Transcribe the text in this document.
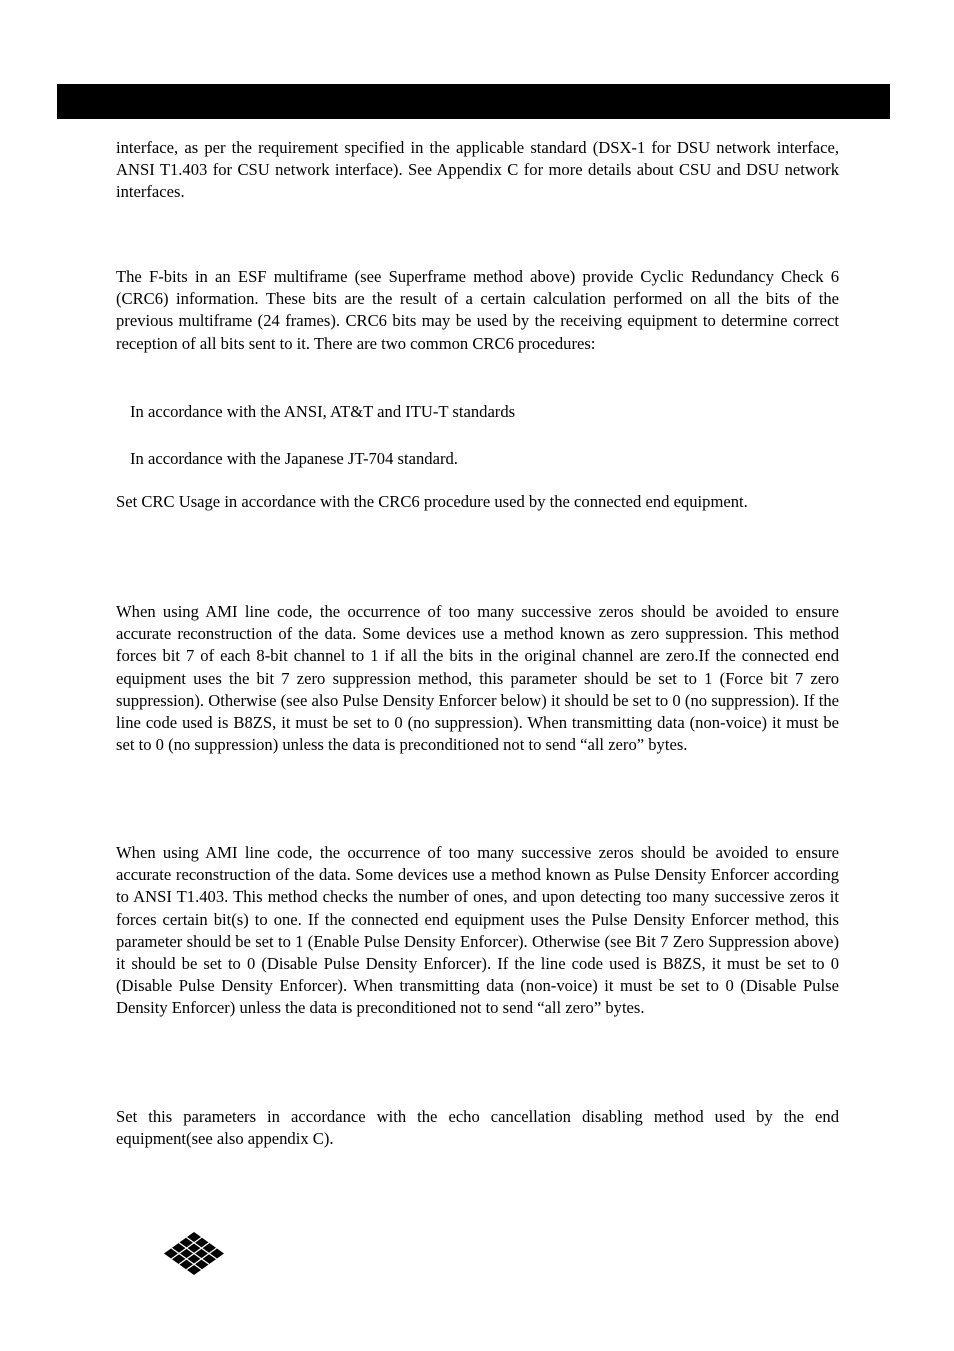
interface, as per the requirement specified in the applicable standard (DSX-1 for DSU network interface, ANSI T1.403 for CSU network interface). See Appendix C for more details about CSU and DSU network interfaces.

The F-bits in an ESF multiframe (see Superframe method above) provide Cyclic Redundancy Check 6 (CRC6) information. These bits are the result of a certain calculation performed on all the bits of the previous multiframe (24 frames). CRC6 bits may be used by the receiving equipment to determine correct reception of all bits sent to it. There are two common CRC6 procedures:

In accordance with the ANSI, AT&T and ITU-T standards

In accordance with the Japanese JT-704 standard.

Set CRC Usage in accordance with the CRC6 procedure used by the connected end equipment.

When using AMI line code, the occurrence of too many successive zeros should be avoided to ensure accurate reconstruction of the data. Some devices use a method known as zero suppression. This method forces bit 7 of each 8-bit channel to 1 if all the bits in the original channel are zero.If the connected end equipment uses the bit 7 zero suppression method, this parameter should be set to 1 (Force bit 7 zero suppression). Otherwise (see also Pulse Density Enforcer below) it should be set to 0 (no suppression). If the line code used is B8ZS, it must be set to 0 (no suppression). When transmitting data (non-voice) it must be set to 0 (no suppression) unless the data is preconditioned not to send “all zero” bytes.

When using AMI line code, the occurrence of too many successive zeros should be avoided to ensure accurate reconstruction of the data. Some devices use a method known as Pulse Density Enforcer according to ANSI T1.403. This method checks the number of ones, and upon detecting too many successive zeros it forces certain bit(s) to one. If the connected end equipment uses the Pulse Density Enforcer method, this parameter should be set to 1 (Enable Pulse Density Enforcer). Otherwise (see Bit 7 Zero Suppression above) it should be set to 0 (Disable Pulse Density Enforcer). If the line code used is B8ZS, it must be set to 0 (Disable Pulse Density Enforcer). When transmitting data (non-voice) it must be set to 0 (Disable Pulse Density Enforcer) unless the data is preconditioned not to send “all zero” bytes.

Set this parameters in accordance with the echo cancellation disabling method used by the end equipment(see also appendix C).
